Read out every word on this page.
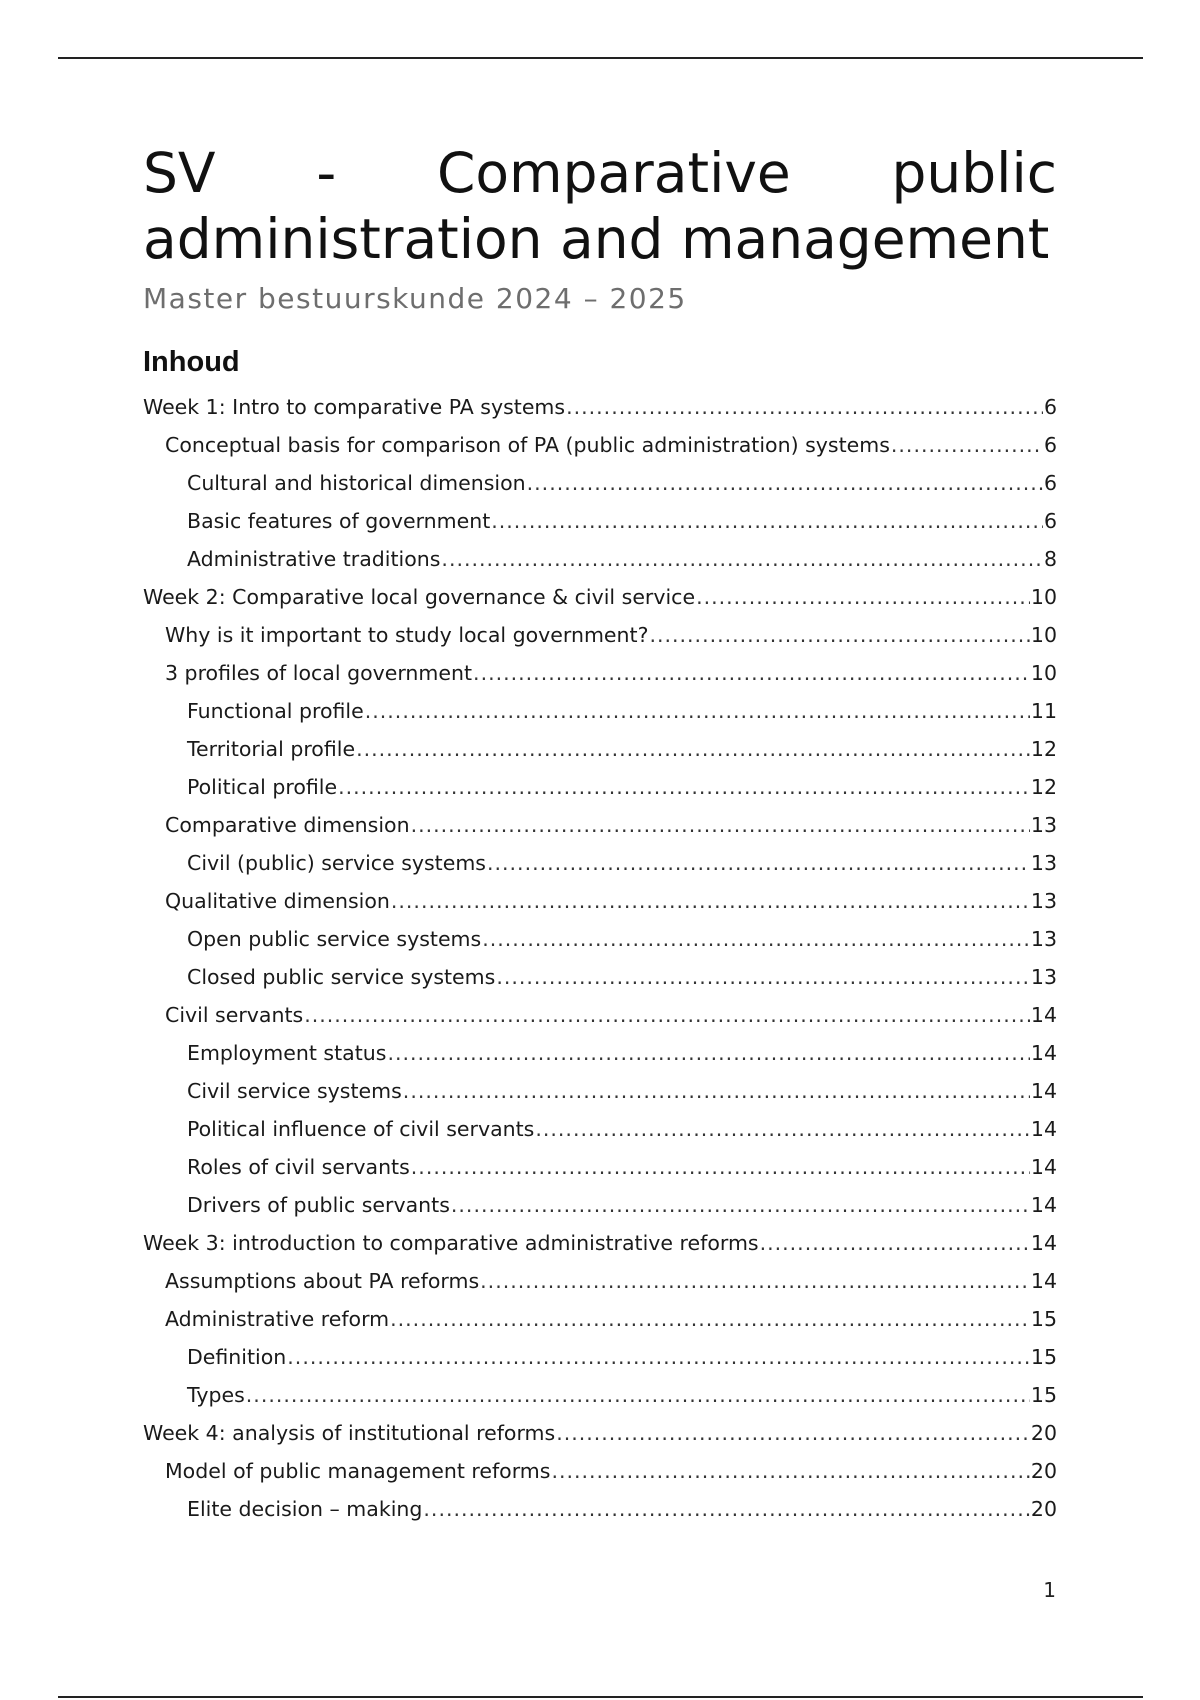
SV - Comparative public
administration and management
Master bestuurskunde 2024 – 2025
Inhoud
Week 1: Intro to comparative PA systems .....	6
Conceptual basis for comparison of PA (public administration) systems .....	6
Cultural and historical dimension .....	6
Basic features of government .....	6
Administrative traditions .....	8
Week 2: Comparative local governance & civil service .....	10
Why is it important to study local government? .....	10
3 profiles of local government .....	10
Functional profile .....	11
Territorial profile .....	12
Political profile .....	12
Comparative dimension .....	13
Civil (public) service systems .....	13
Qualitative dimension .....	13
Open public service systems .....	13
Closed public service systems .....	13
Civil servants .....	14
Employment status .....	14
Civil service systems .....	14
Political influence of civil servants .....	14
Roles of civil servants .....	14
Drivers of public servants .....	14
Week 3: introduction to comparative administrative reforms .....	14
Assumptions about PA reforms .....	14
Administrative reform .....	15
Definition .....	15
Types .....	15
Week 4: analysis of institutional reforms .....	20
Model of public management reforms .....	20
Elite decision – making .....	20
1
